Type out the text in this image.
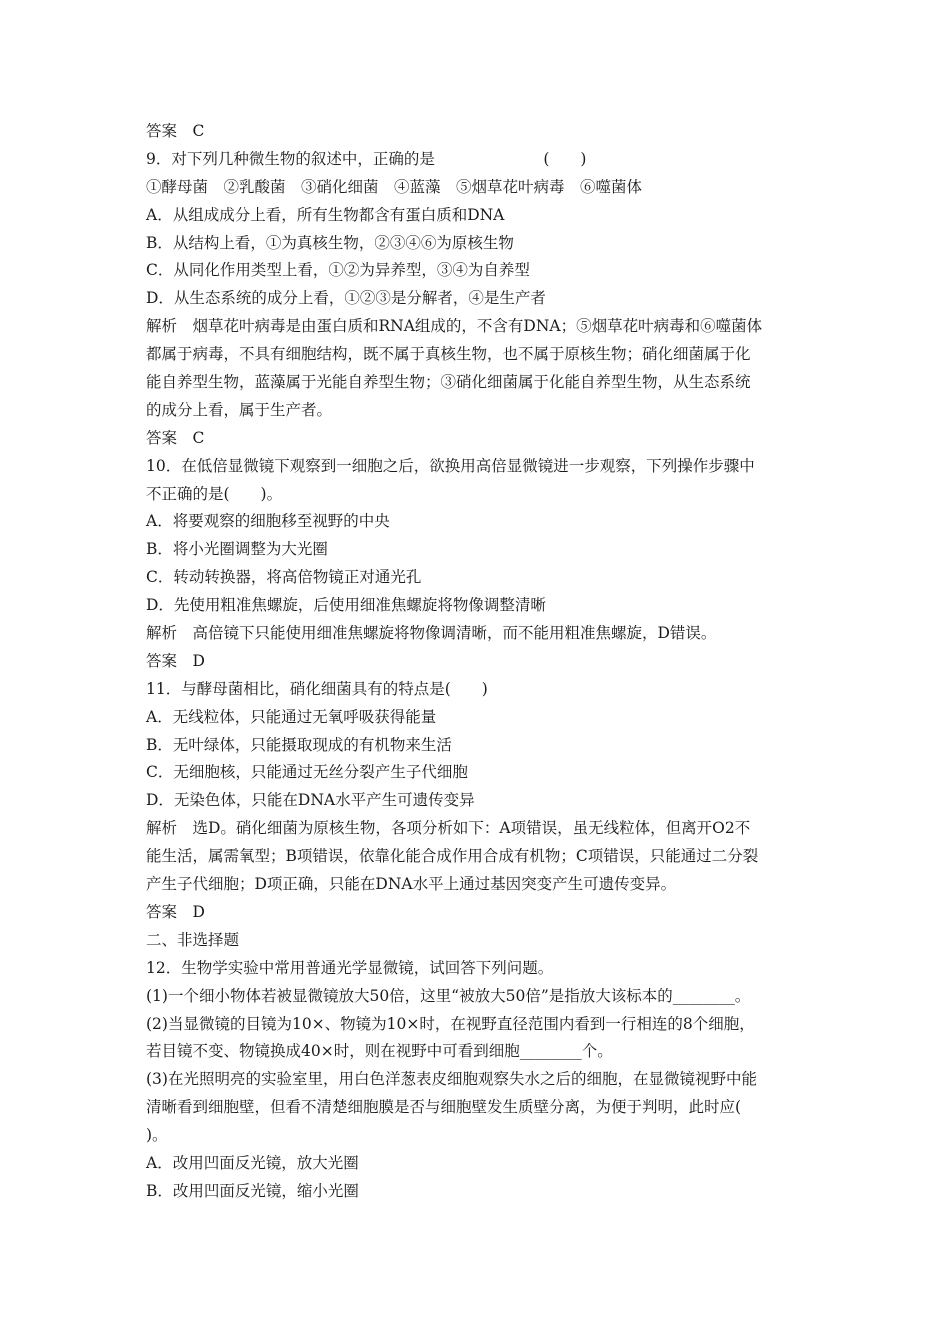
答案　C
9．对下列几种微生物的叙述中，正确的是　　　　　　　(　　)
①酵母菌　②乳酸菌　③硝化细菌　④蓝藻　⑤烟草花叶病毒　⑥噬菌体
A．从组成成分上看，所有生物都含有蛋白质和DNA
B．从结构上看，①为真核生物，②③④⑥为原核生物
C．从同化作用类型上看，①②为异养型，③④为自养型
D．从生态系统的成分上看，①②③是分解者，④是生产者
解析　烟草花叶病毒是由蛋白质和RNA组成的，不含有DNA；⑤烟草花叶病毒和⑥噬菌体
都属于病毒，不具有细胞结构，既不属于真核生物，也不属于原核生物；硝化细菌属于化
能自养型生物，蓝藻属于光能自养型生物；③硝化细菌属于化能自养型生物，从生态系统
的成分上看，属于生产者。
答案　C
10．在低倍显微镜下观察到一细胞之后，欲换用高倍显微镜进一步观察，下列操作步骤中
不正确的是(　　)。
A．将要观察的细胞移至视野的中央
B．将小光圈调整为大光圈
C．转动转换器，将高倍物镜正对通光孔
D．先使用粗准焦螺旋，后使用细准焦螺旋将物像调整清晰
解析　高倍镜下只能使用细准焦螺旋将物像调清晰，而不能用粗准焦螺旋，D错误。
答案　D
11．与酵母菌相比，硝化细菌具有的特点是(　　)
A．无线粒体，只能通过无氧呼吸获得能量
B．无叶绿体，只能摄取现成的有机物来生活
C．无细胞核，只能通过无丝分裂产生子代细胞
D．无染色体，只能在DNA水平产生可遗传变异
解析　选D。硝化细菌为原核生物，各项分析如下：A项错误，虽无线粒体，但离开O2不
能生活，属需氧型；B项错误，依靠化能合成作用合成有机物；C项错误，只能通过二分裂
产生子代细胞；D项正确，只能在DNA水平上通过基因突变产生可遗传变异。
答案　D
二、非选择题
12．生物学实验中常用普通光学显微镜，试回答下列问题。
(1)一个细小物体若被显微镜放大50倍，这里“被放大50倍”是指放大该标本的________。
(2)当显微镜的目镜为10×、物镜为10×时，在视野直径范围内看到一行相连的8个细胞，
若目镜不变、物镜换成40×时，则在视野中可看到细胞________个。
(3)在光照明亮的实验室里，用白色洋葱表皮细胞观察失水之后的细胞，在显微镜视野中能
清晰看到细胞壁，但看不清楚细胞膜是否与细胞壁发生质壁分离，为便于判明，此时应(
)。
A．改用凹面反光镜，放大光圈
B．改用凹面反光镜，缩小光圈
